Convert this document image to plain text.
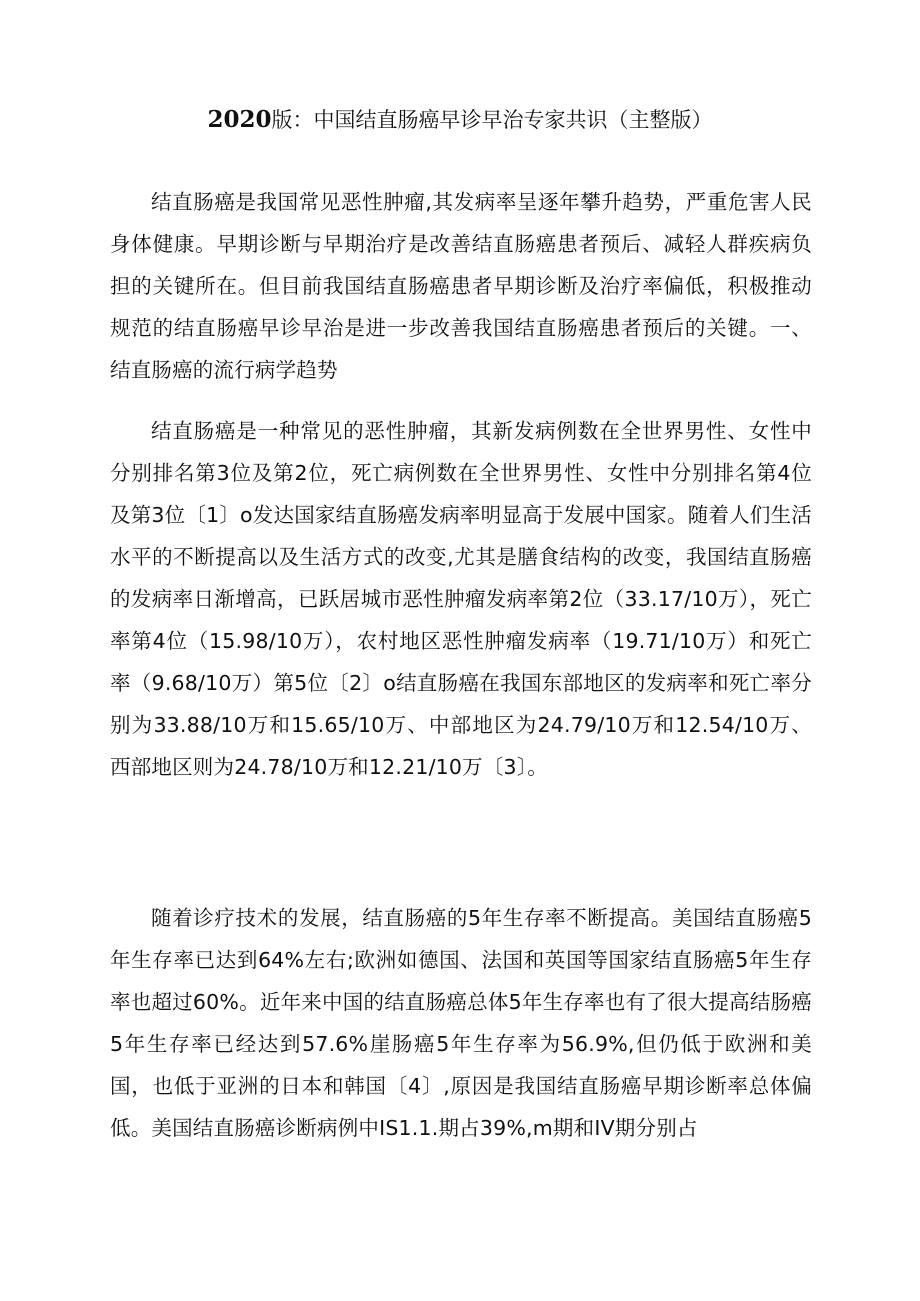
2020版：中国结直肠癌早诊早治专家共识（主整版）

结直肠癌是我国常见恶性肿瘤,其发病率呈逐年攀升趋势，严重危害人民身体健康。早期诊断与早期治疗是改善结直肠癌患者预后、减轻人群疾病负担的关键所在。但目前我国结直肠癌患者早期诊断及治疗率偏低，积极推动规范的结直肠癌早诊早治是进一步改善我国结直肠癌患者预后的关键。一、结直肠癌的流行病学趋势

结直肠癌是一种常见的恶性肿瘤，其新发病例数在全世界男性、女性中分别排名第3位及第2位，死亡病例数在全世界男性、女性中分别排名第4位及第3位〔1〕o发达国家结直肠癌发病率明显高于发展中国家。随着人们生活水平的不断提高以及生活方式的改变,尤其是膳食结构的改变，我国结直肠癌的发病率日渐增高，已跃居城市恶性肿瘤发病率第2位（33.17/10万），死亡率第4位（15.98/10万），农村地区恶性肿瘤发病率（19.71/10万）和死亡率（9.68/10万）第5位〔2〕o结直肠癌在我国东部地区的发病率和死亡率分别为33.88/10万和15.65/10万、中部地区为24.79/10万和12.54/10万、西部地区则为24.78/10万和12.21/10万〔3〕。

随着诊疗技术的发展，结直肠癌的5年生存率不断提高。美国结直肠癌5年生存率已达到64%左右;欧洲如德国、法国和英国等国家结直肠癌5年生存率也超过60%。近年来中国的结直肠癌总体5年生存率也有了很大提高结肠癌5年生存率已经达到57.6%崖肠癌5年生存率为56.9%,但仍低于欧洲和美国，也低于亚洲的日本和韩国〔4〕,原因是我国结直肠癌早期诊断率总体偏低。美国结直肠癌诊断病例中IS1.1.期占39%,m期和IV期分别占
